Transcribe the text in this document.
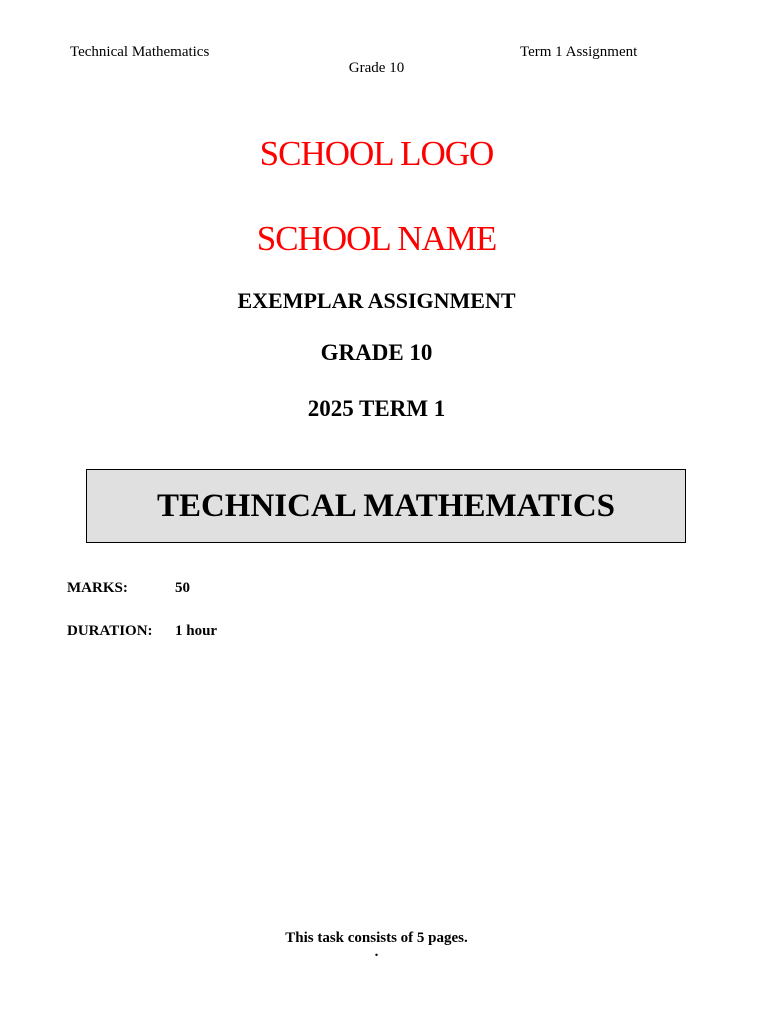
Technical Mathematics	Term 1 Assignment
Grade 10
SCHOOL LOGO
SCHOOL NAME
EXEMPLAR ASSIGNMENT
GRADE 10
2025 TERM 1
TECHNICAL MATHEMATICS
MARKS:	50
DURATION: 1 hour
This task consists of 5 pages.
.
